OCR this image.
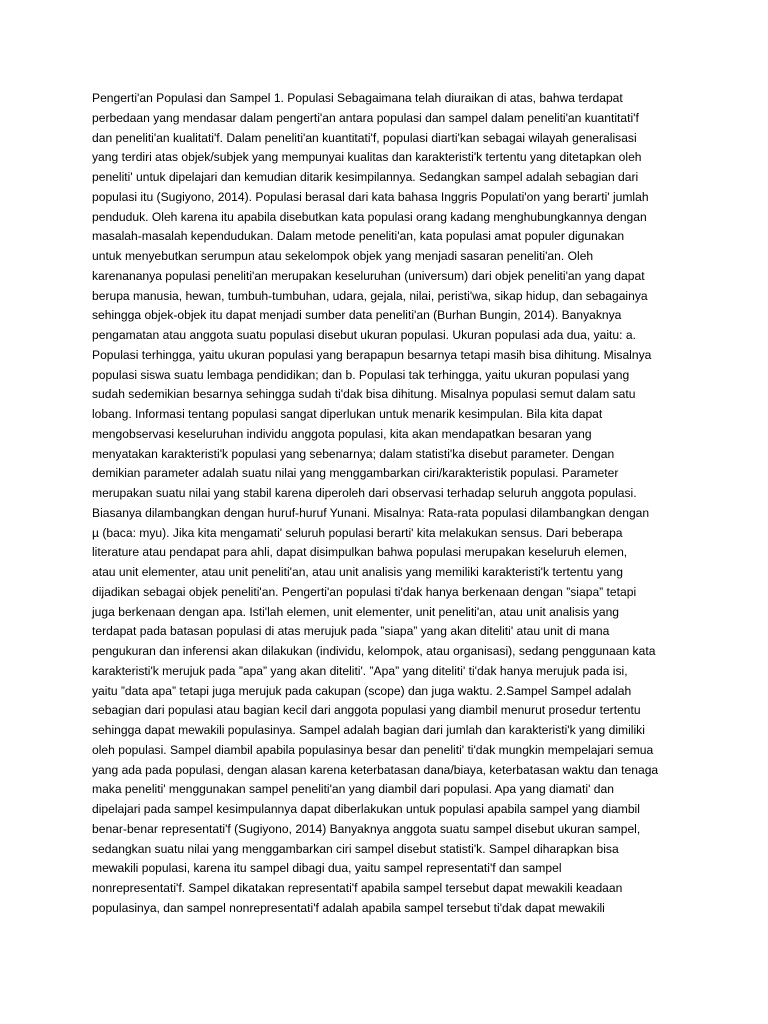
Pengerti'an Populasi dan Sampel 1. Populasi Sebagaimana telah diuraikan di atas, bahwa terdapat
perbedaan yang mendasar dalam pengerti'an antara populasi dan sampel dalam peneliti'an kuantitati'f
dan peneliti'an kualitati'f. Dalam peneliti'an kuantitati'f, populasi diarti'kan sebagai wilayah generalisasi
yang terdiri atas objek/subjek yang mempunyai kualitas dan karakteristi'k tertentu yang ditetapkan oleh
peneliti' untuk dipelajari dan kemudian ditarik kesimpilannya. Sedangkan sampel adalah sebagian dari
populasi itu (Sugiyono, 2014). Populasi berasal dari kata bahasa Inggris Populati'on yang berarti' jumlah
penduduk. Oleh karena itu apabila disebutkan kata populasi orang kadang menghubungkannya dengan
masalah-masalah kependudukan. Dalam metode peneliti'an, kata populasi amat populer digunakan
untuk menyebutkan serumpun atau sekelompok objek yang menjadi sasaran peneliti'an. Oleh
karenananya populasi peneliti'an merupakan keseluruhan (universum) dari objek peneliti'an yang dapat
berupa manusia, hewan, tumbuh-tumbuhan, udara, gejala, nilai, peristi'wa, sikap hidup, dan sebagainya
sehingga objek-objek itu dapat menjadi sumber data peneliti'an (Burhan Bungin, 2014). Banyaknya
pengamatan atau anggota suatu populasi disebut ukuran populasi. Ukuran populasi ada dua, yaitu: a.
Populasi terhingga, yaitu ukuran populasi yang berapapun besarnya tetapi masih bisa dihitung. Misalnya
populasi siswa suatu lembaga pendidikan; dan b. Populasi tak terhingga, yaitu ukuran populasi yang
sudah sedemikian besarnya sehingga sudah ti'dak bisa dihitung. Misalnya populasi semut dalam satu
lobang. Informasi tentang populasi sangat diperlukan untuk menarik kesimpulan. Bila kita dapat
mengobservasi keseluruhan individu anggota populasi, kita akan mendapatkan besaran yang
menyatakan karakteristi'k populasi yang sebenarnya; dalam statisti'ka disebut parameter. Dengan
demikian parameter adalah suatu nilai yang menggambarkan ciri/karakteristik populasi. Parameter
merupakan suatu nilai yang stabil karena diperoleh dari observasi terhadap seluruh anggota populasi.
Biasanya dilambangkan dengan huruf-huruf Yunani. Misalnya: Rata-rata populasi dilambangkan dengan
µ (baca: myu). Jika kita mengamati' seluruh populasi berarti' kita melakukan sensus. Dari beberapa
literature atau pendapat para ahli, dapat disimpulkan bahwa populasi merupakan keseluruh elemen,
atau unit elementer, atau unit peneliti'an, atau unit analisis yang memiliki karakteristi'k tertentu yang
dijadikan sebagai objek peneliti'an. Pengerti'an populasi ti'dak hanya berkenaan dengan ”siapa” tetapi
juga berkenaan dengan apa. Isti'lah elemen, unit elementer, unit peneliti'an, atau unit analisis yang
terdapat pada batasan populasi di atas merujuk pada ”siapa” yang akan diteliti' atau unit di mana
pengukuran dan inferensi akan dilakukan (individu, kelompok, atau organisasi), sedang penggunaan kata
karakteristi'k merujuk pada ”apa” yang akan diteliti'. ”Apa” yang diteliti' ti'dak hanya merujuk pada isi,
yaitu ”data apa” tetapi juga merujuk pada cakupan (scope) dan juga waktu. 2.Sampel Sampel adalah
sebagian dari populasi atau bagian kecil dari anggota populasi yang diambil menurut prosedur tertentu
sehingga dapat mewakili populasinya. Sampel adalah bagian dari jumlah dan karakteristi'k yang dimiliki
oleh populasi. Sampel diambil apabila populasinya besar dan peneliti' ti'dak mungkin mempelajari semua
yang ada pada populasi, dengan alasan karena keterbatasan dana/biaya, keterbatasan waktu dan tenaga
maka peneliti' menggunakan sampel peneliti'an yang diambil dari populasi. Apa yang diamati' dan
dipelajari pada sampel kesimpulannya dapat diberlakukan untuk populasi apabila sampel yang diambil
benar-benar representati'f (Sugiyono, 2014) Banyaknya anggota suatu sampel disebut ukuran sampel,
sedangkan suatu nilai yang menggambarkan ciri sampel disebut statisti'k. Sampel diharapkan bisa
mewakili populasi, karena itu sampel dibagi dua, yaitu sampel representati'f dan sampel
nonrepresentati'f. Sampel dikatakan representati'f apabila sampel tersebut dapat mewakili keadaan
populasinya, dan sampel nonrepresentati'f adalah apabila sampel tersebut ti'dak dapat mewakili
